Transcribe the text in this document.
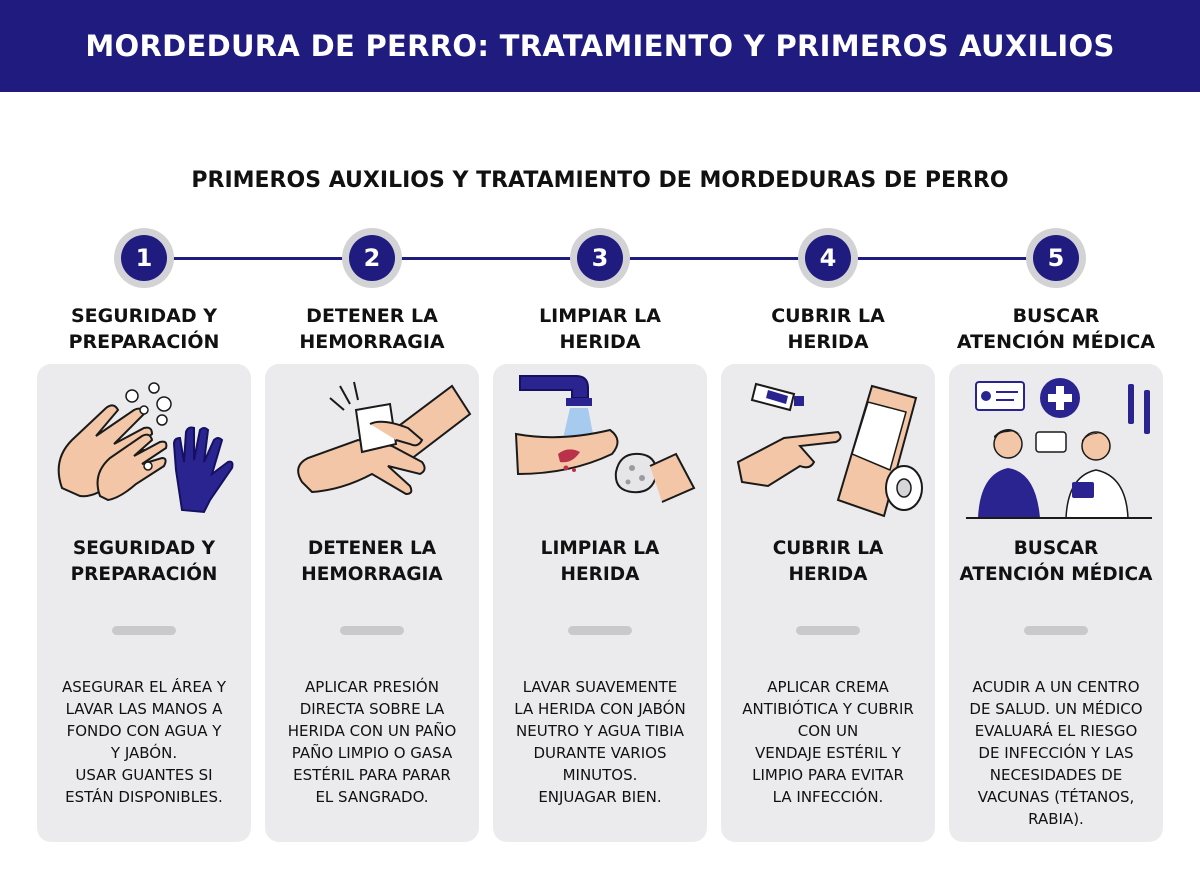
MORDEDURA DE PERRO: TRATAMIENTO Y PRIMEROS AUXILIOS
PRIMEROS AUXILIOS Y TRATAMIENTO DE MORDEDURAS DE PERRO
1	2	3	4	5
SEGURIDAD Y
PREPARACIÓN
DETENER LA
HEMORRAGIA
LIMPIAR LA
HERIDA
CUBRIR LA
HERIDA
BUSCAR
ATENCIÓN MÉDICA
SEGURIDAD Y
PREPARACIÓN
ASEGURAR EL ÁREA Y
LAVAR LAS MANOS A
FONDO CON AGUA Y
Y JABÓN.
USAR GUANTES SI
ESTÁN DISPONIBLES.
DETENER LA
HEMORRAGIA
APLICAR PRESIÓN
DIRECTA SOBRE LA
HERIDA CON UN PAÑO
PAÑO LIMPIO O GASA
ESTÉRIL PARA PARAR
EL SANGRADO.
LIMPIAR LA
HERIDA
LAVAR SUAVEMENTE
LA HERIDA CON JABÓN
NEUTRO Y AGUA TIBIA
DURANTE VARIOS
MINUTOS.
ENJUAGAR BIEN.
CUBRIR LA
HERIDA
APLICAR CREMA
ANTIBIÓTICA Y CUBRIR
CON UN
VENDAJE ESTÉRIL Y
LIMPIO PARA EVITAR
LA INFECCIÓN.
BUSCAR
ATENCIÓN MÉDICA
ACUDIR A UN CENTRO
DE SALUD. UN MÉDICO
EVALUARÁ EL RIESGO
DE INFECCIÓN Y LAS
NECESIDADES DE
VACUNAS (TÉTANOS,
RABIA).
